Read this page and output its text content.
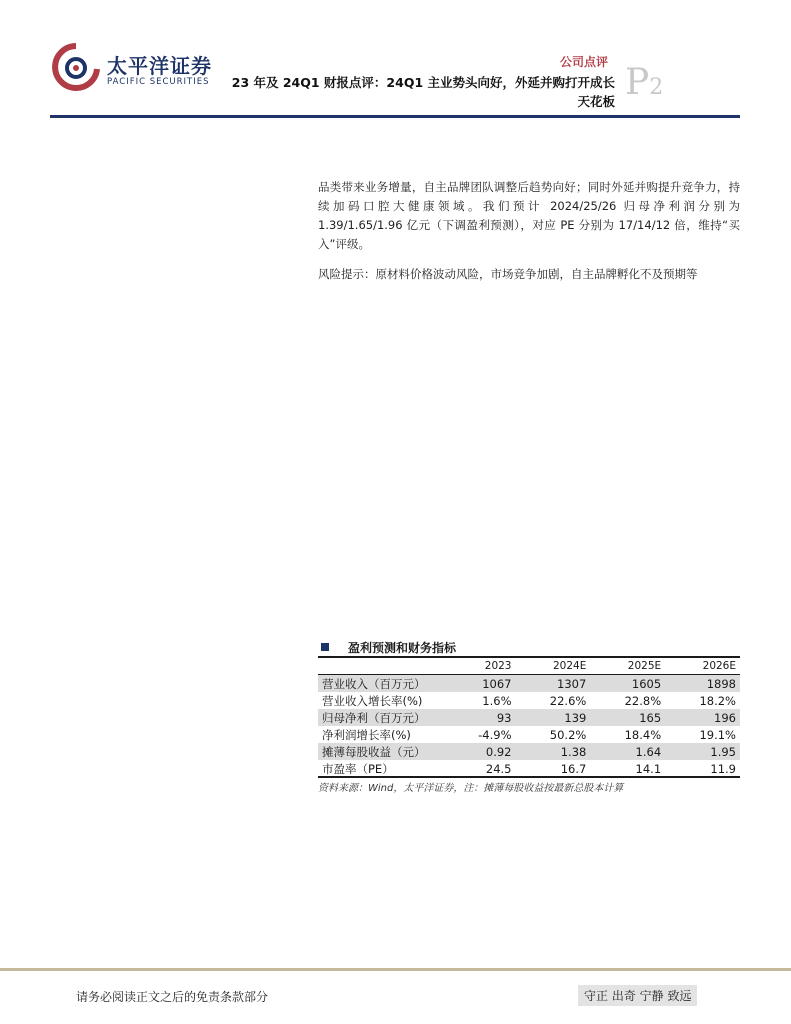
太平洋证券
PACIFIC SECURITIES
公司点评 P2
23 年及 24Q1 财报点评：24Q1 主业势头向好，外延并购打开成长天花板
品类带来业务增量，自主品牌团队调整后趋势向好；同时外延并购提升竞争力，持续加码口腔大健康领域。我们预计 2024/25/26 归母净利润分别为 1.39/1.65/1.96 亿元（下调盈利预测），对应 PE 分别为 17/14/12 倍，维持“买入”评级。
风险提示：原材料价格波动风险，市场竞争加剧，自主品牌孵化不及预期等
盈利预测和财务指标
	2023	2024E	2025E	2026E
营业收入（百万元）	1067	1307	1605	1898
营业收入增长率(%)	1.6%	22.6%	22.8%	18.2%
归母净利（百万元）	93	139	165	196
净利润增长率(%)	-4.9%	50.2%	18.4%	19.1%
摊薄每股收益（元）	0.92	1.38	1.64	1.95
市盈率（PE）	24.5	16.7	14.1	11.9
资料来源：Wind，太平洋证券，注：摊薄每股收益按最新总股本计算
请务必阅读正文之后的免责条款部分	守正 出奇 宁静 致远
